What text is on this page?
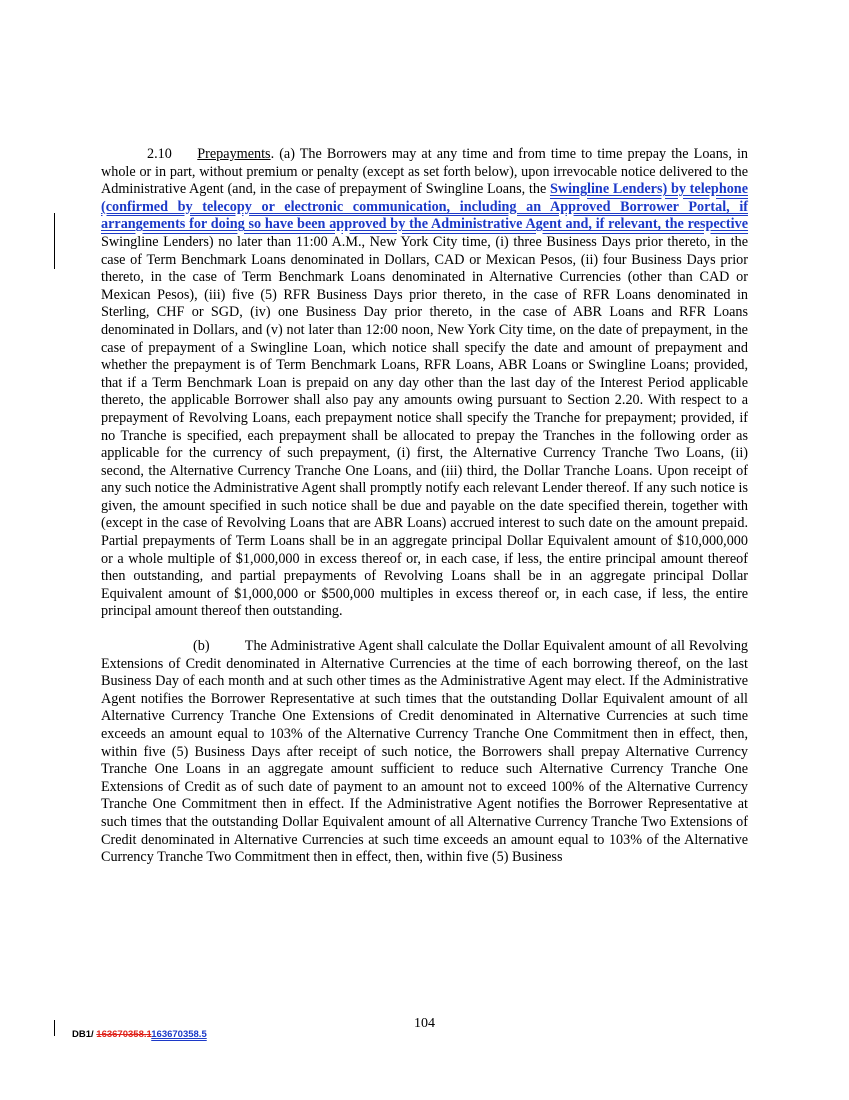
2.10 Prepayments. (a) The Borrowers may at any time and from time to time prepay the Loans, in whole or in part, without premium or penalty (except as set forth below), upon irrevocable notice delivered to the Administrative Agent (and, in the case of prepayment of Swingline Loans, the Swingline Lenders) by telephone (confirmed by telecopy or electronic communication, including an Approved Borrower Portal, if arrangements for doing so have been approved by the Administrative Agent and, if relevant, the respective Swingline Lenders) no later than 11:00 A.M., New York City time, (i) three Business Days prior thereto, in the case of Term Benchmark Loans denominated in Dollars, CAD or Mexican Pesos, (ii) four Business Days prior thereto, in the case of Term Benchmark Loans denominated in Alternative Currencies (other than CAD or Mexican Pesos), (iii) five (5) RFR Business Days prior thereto, in the case of RFR Loans denominated in Sterling, CHF or SGD, (iv) one Business Day prior thereto, in the case of ABR Loans and RFR Loans denominated in Dollars, and (v) not later than 12:00 noon, New York City time, on the date of prepayment, in the case of prepayment of a Swingline Loan, which notice shall specify the date and amount of prepayment and whether the prepayment is of Term Benchmark Loans, RFR Loans, ABR Loans or Swingline Loans; provided, that if a Term Benchmark Loan is prepaid on any day other than the last day of the Interest Period applicable thereto, the applicable Borrower shall also pay any amounts owing pursuant to Section 2.20. With respect to a prepayment of Revolving Loans, each prepayment notice shall specify the Tranche for prepayment; provided, if no Tranche is specified, each prepayment shall be allocated to prepay the Tranches in the following order as applicable for the currency of such prepayment, (i) first, the Alternative Currency Tranche Two Loans, (ii) second, the Alternative Currency Tranche One Loans, and (iii) third, the Dollar Tranche Loans. Upon receipt of any such notice the Administrative Agent shall promptly notify each relevant Lender thereof. If any such notice is given, the amount specified in such notice shall be due and payable on the date specified therein, together with (except in the case of Revolving Loans that are ABR Loans) accrued interest to such date on the amount prepaid. Partial prepayments of Term Loans shall be in an aggregate principal Dollar Equivalent amount of $10,000,000 or a whole multiple of $1,000,000 in excess thereof or, in each case, if less, the entire principal amount thereof then outstanding, and partial prepayments of Revolving Loans shall be in an aggregate principal Dollar Equivalent amount of $1,000,000 or $500,000 multiples in excess thereof or, in each case, if less, the entire principal amount thereof then outstanding.

(b) The Administrative Agent shall calculate the Dollar Equivalent amount of all Revolving Extensions of Credit denominated in Alternative Currencies at the time of each borrowing thereof, on the last Business Day of each month and at such other times as the Administrative Agent may elect. If the Administrative Agent notifies the Borrower Representative at such times that the outstanding Dollar Equivalent amount of all Alternative Currency Tranche One Extensions of Credit denominated in Alternative Currencies at such time exceeds an amount equal to 103% of the Alternative Currency Tranche One Commitment then in effect, then, within five (5) Business Days after receipt of such notice, the Borrowers shall prepay Alternative Currency Tranche One Loans in an aggregate amount sufficient to reduce such Alternative Currency Tranche One Extensions of Credit as of such date of payment to an amount not to exceed 100% of the Alternative Currency Tranche One Commitment then in effect. If the Administrative Agent notifies the Borrower Representative at such times that the outstanding Dollar Equivalent amount of all Alternative Currency Tranche Two Extensions of Credit denominated in Alternative Currencies at such time exceeds an amount equal to 103% of the Alternative Currency Tranche Two Commitment then in effect, then, within five (5) Business

DB1/ 163670358.1163670358.5
104
